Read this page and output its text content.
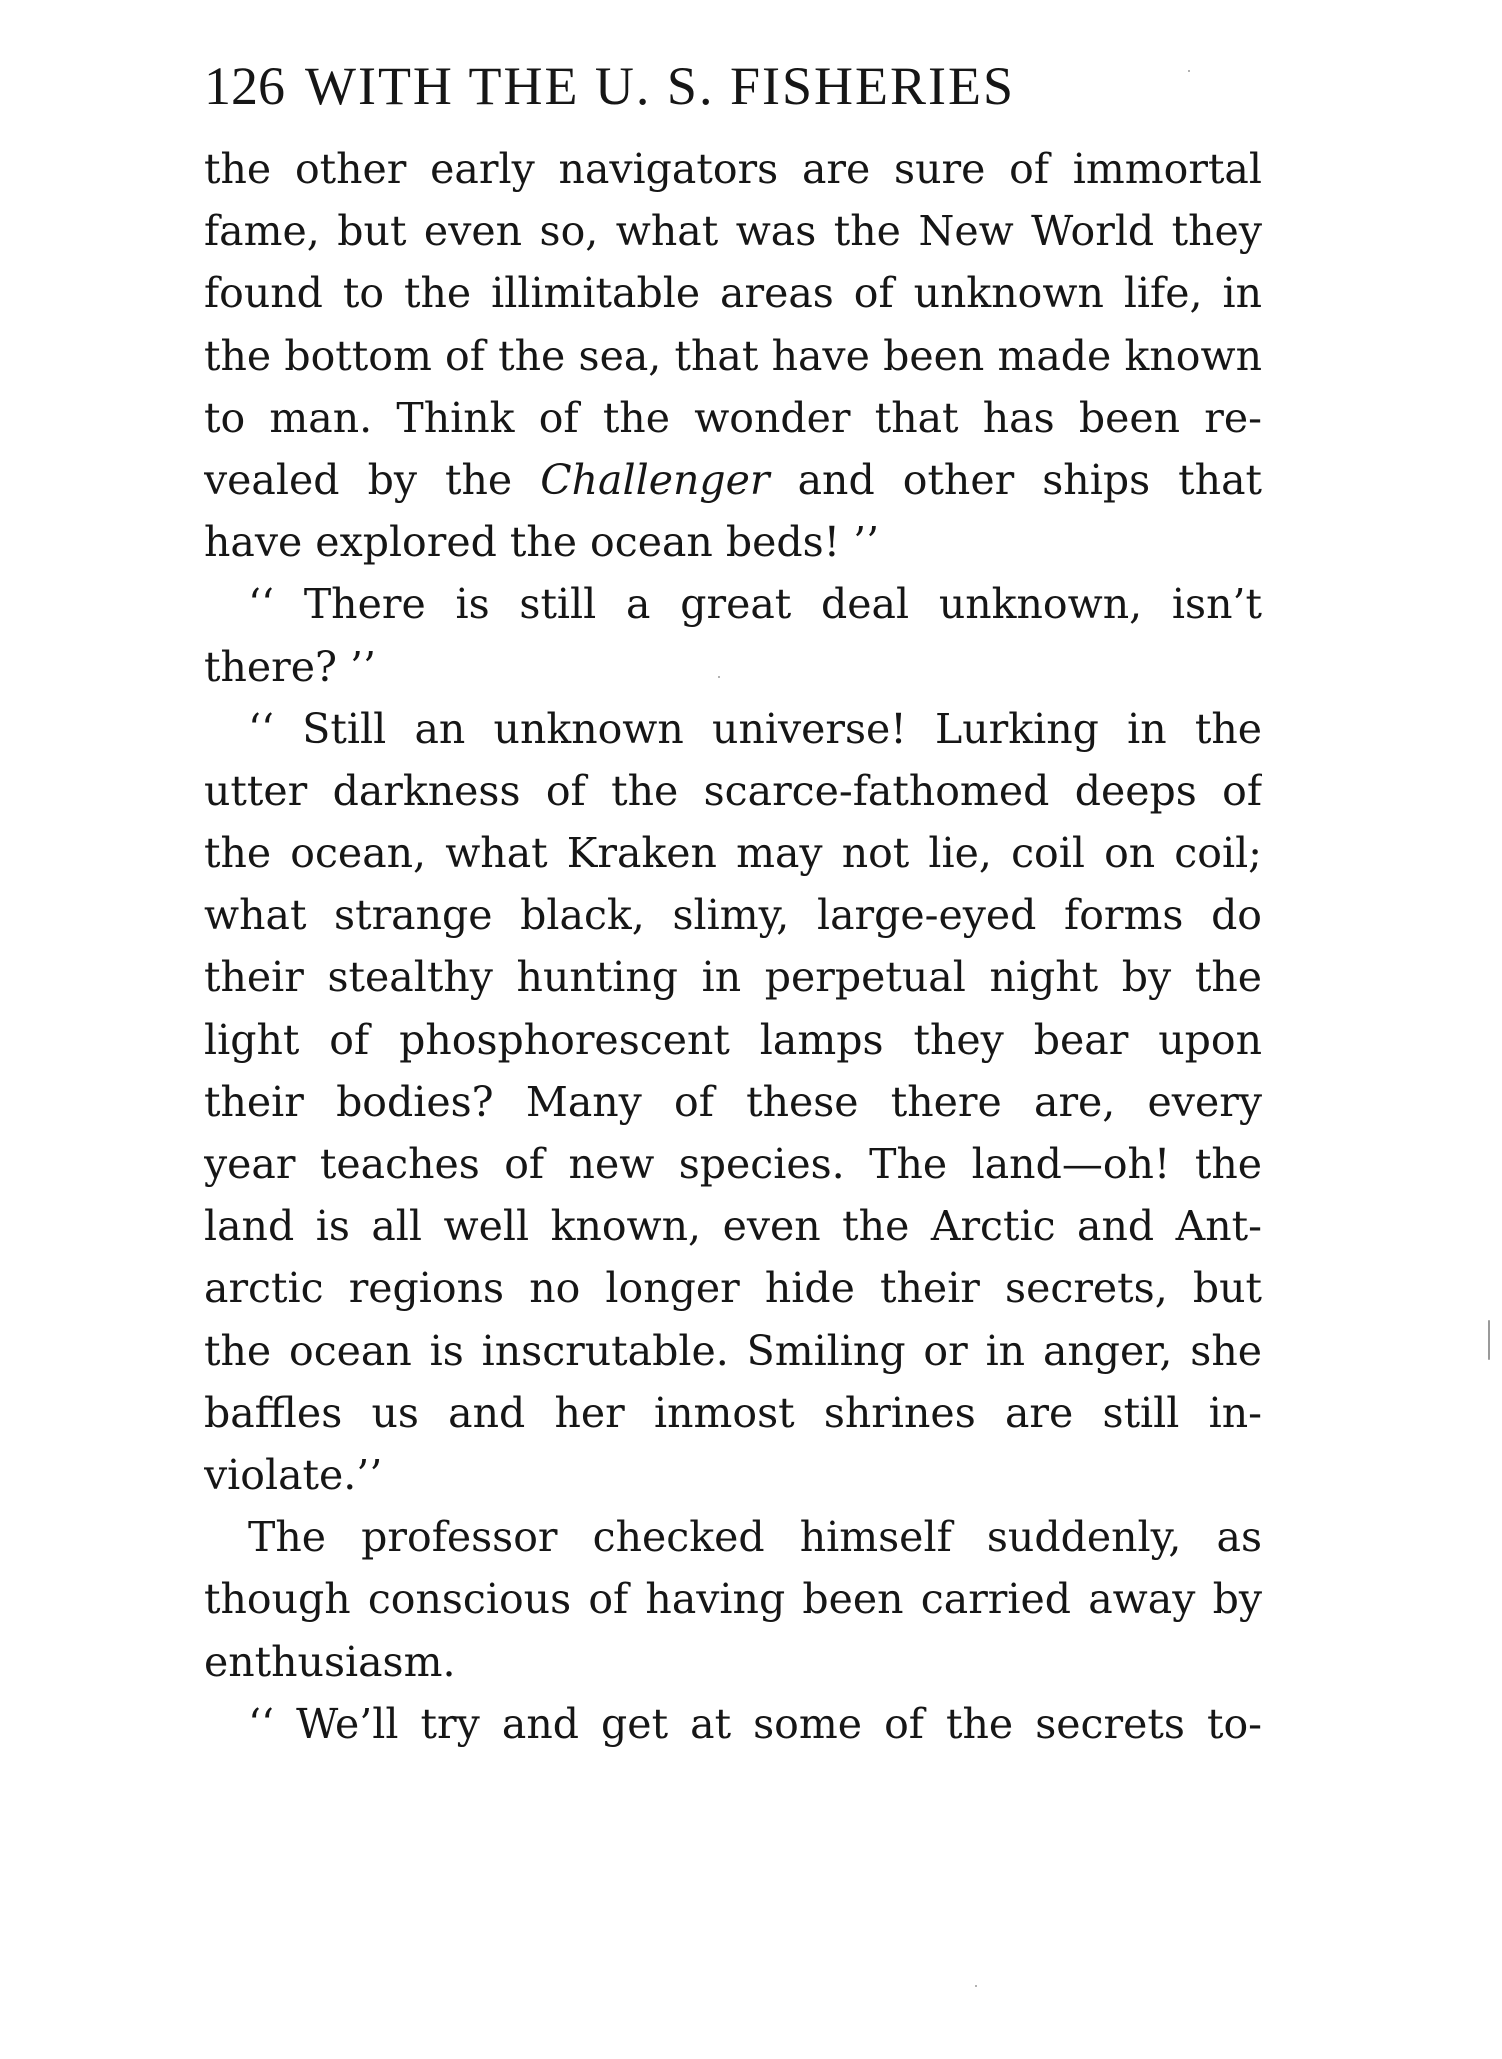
126 WITH THE U. S. FISHERIES
the other early navigators are sure of immortal
fame, but even so, what was the New World they
found to the illimitable areas of unknown life, in
the bottom of the sea, that have been made known
to man. Think of the wonder that has been re-
vealed by the Challenger and other ships that
have explored the ocean beds! ’’
‘‘ There is still a great deal unknown, isn’t
there? ’’
‘‘ Still an unknown universe! Lurking in the
utter darkness of the scarce-fathomed deeps of
the ocean, what Kraken may not lie, coil on coil;
what strange black, slimy, large-eyed forms do
their stealthy hunting in perpetual night by the
light of phosphorescent lamps they bear upon
their bodies? Many of these there are, every
year teaches of new species. The land—oh! the
land is all well known, even the Arctic and Ant-
arctic regions no longer hide their secrets, but
the ocean is inscrutable. Smiling or in anger, she
baffles us and her inmost shrines are still in-
violate.’’
The professor checked himself suddenly, as
though conscious of having been carried away by
enthusiasm.
‘‘ We’ll try and get at some of the secrets to-
